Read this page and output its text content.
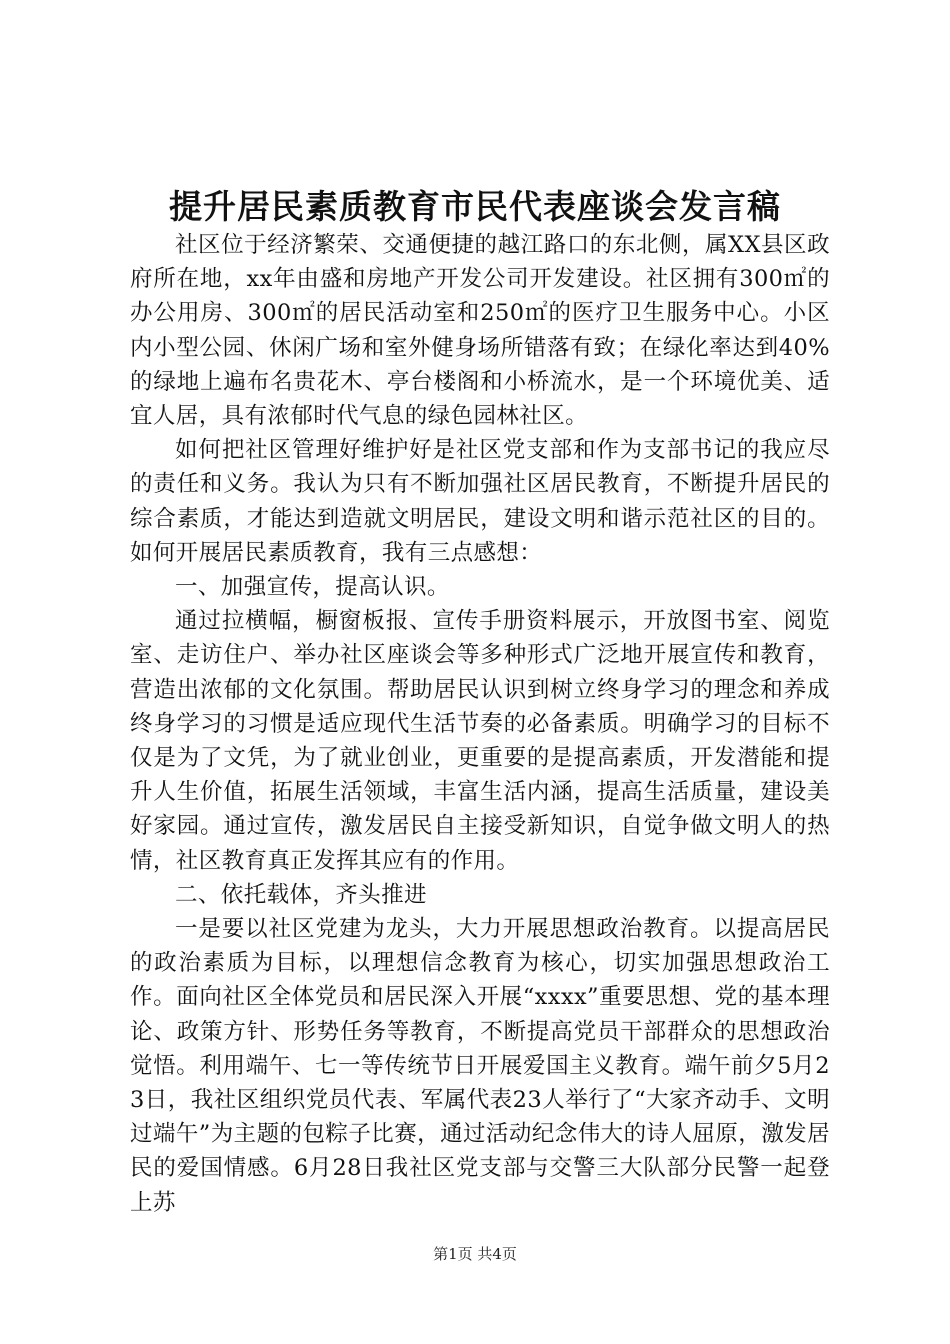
提升居民素质教育市民代表座谈会发言稿

社区位于经济繁荣、交通便捷的越江路口的东北侧，属XX县区政府所在地，xx年由盛和房地产开发公司开发建设。社区拥有300㎡的办公用房、300㎡的居民活动室和250㎡的医疗卫生服务中心。小区内小型公园、休闲广场和室外健身场所错落有致；在绿化率达到40%的绿地上遍布名贵花木、亭台楼阁和小桥流水，是一个环境优美、适宜人居，具有浓郁时代气息的绿色园林社区。

如何把社区管理好维护好是社区党支部和作为支部书记的我应尽的责任和义务。我认为只有不断加强社区居民教育，不断提升居民的综合素质，才能达到造就文明居民，建设文明和谐示范社区的目的。如何开展居民素质教育，我有三点感想：

一、加强宣传，提高认识。

通过拉横幅，橱窗板报、宣传手册资料展示，开放图书室、阅览室、走访住户、举办社区座谈会等多种形式广泛地开展宣传和教育，营造出浓郁的文化氛围。帮助居民认识到树立终身学习的理念和养成终身学习的习惯是适应现代生活节奏的必备素质。明确学习的目标不仅是为了文凭，为了就业创业，更重要的是提高素质，开发潜能和提升人生价值，拓展生活领域，丰富生活内涵，提高生活质量，建设美好家园。通过宣传，激发居民自主接受新知识，自觉争做文明人的热情，社区教育真正发挥其应有的作用。

二、依托载体，齐头推进

一是要以社区党建为龙头，大力开展思想政治教育。以提高居民的政治素质为目标，以理想信念教育为核心，切实加强思想政治工作。面向社区全体党员和居民深入开展“xxxx”重要思想、党的基本理论、政策方针、形势任务等教育，不断提高党员干部群众的思想政治觉悟。利用端午、七一等传统节日开展爱国主义教育。端午前夕5月23日，我社区组织党员代表、军属代表23人举行了“大家齐动手、文明过端午”为主题的包粽子比赛，通过活动纪念伟大的诗人屈原，激发居民的爱国情感。6月28日我社区党支部与交警三大队部分民警一起登上苏

第1页 共4页
